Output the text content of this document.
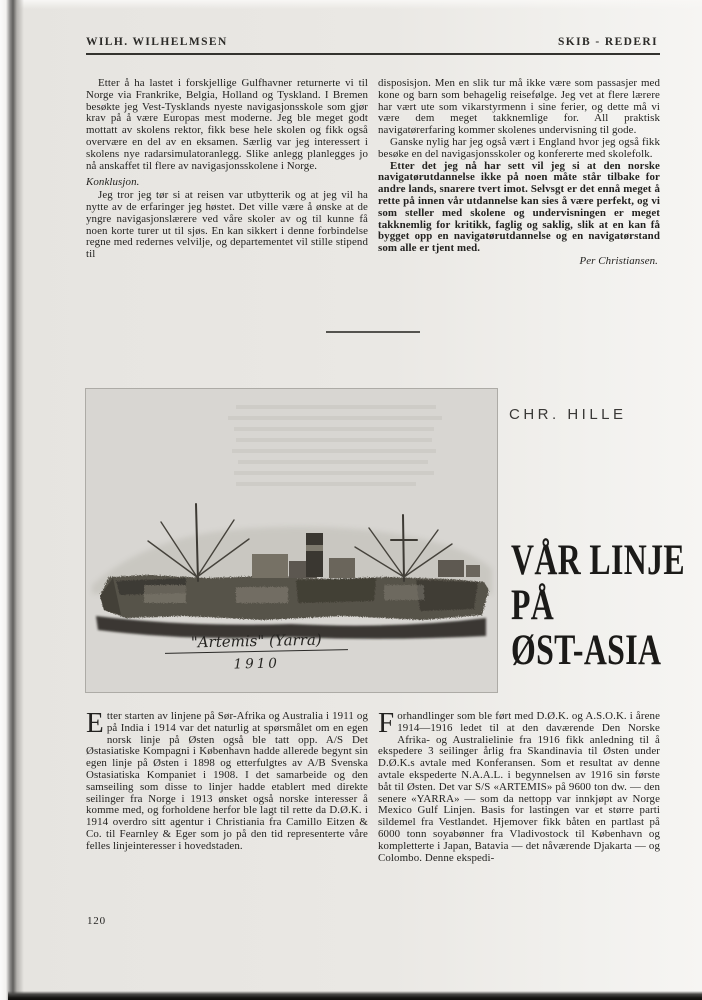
WILH. WILHELMSEN	SKIB - REDERI

Etter å ha lastet i forskjellige Gulfhavner returnerte vi til Norge via Frankrike, Belgia, Holland og Tyskland. I Bremen besøkte jeg Vest-Tysklands nyeste navigasjonsskole som gjør krav på å være Europas mest moderne. Jeg ble meget godt mottatt av skolens rektor, fikk bese hele skolen og fikk også overvære en del av en eksamen. Særlig var jeg interessert i skolens nye radarsimulatoranlegg. Slike anlegg planlegges jo nå anskaffet til flere av navigasjonsskolene i Norge.

Konklusjon.

Jeg tror jeg tør si at reisen var utbytterik og at jeg vil ha nytte av de erfaringer jeg høstet. Det ville være å ønske at de yngre navigasjonslærere ved våre skoler av og til kunne få noen korte turer ut til sjøs. En kan sikkert i denne forbindelse regne med redernes velvilje, og departementet vil stille stipend til

disposisjon. Men en slik tur må ikke være som passasjer med kone og barn som behagelig reisefølge. Jeg vet at flere lærere har vært ute som vikarstyrmenn i sine ferier, og dette må vi være dem meget takknemlige for. All praktisk navigatørerfaring kommer skolenes undervisning til gode.

Ganske nylig har jeg også vært i England hvor jeg også fikk besøke en del navigasjonsskoler og konfererte med skolefolk.

Etter det jeg nå har sett vil jeg si at den norske navigatørutdannelse ikke på noen måte står tilbake for andre lands, snarere tvert imot. Selvsgt er det ennå meget å rette på innen vår utdannelse kan sies å være perfekt, og vi som steller med skolene og undervisningen er meget takknemlig for kritikk, faglig og saklig, slik at en kan få bygget opp en navigatørutdannelse og en navigatørstand som alle er tjent med.

Per Christiansen.

"Artemis" (Yarra)
1910
CHR. HILLE
VÅR LINJE
PÅ
ØST-ASIA

Etter starten av linjene på Sør-Afrika og Australia i 1911 og på India i 1914 var det naturlig at spørsmålet om en egen norsk linje på Østen også ble tatt opp. A/S Det Østasiatiske Kompagni i København hadde allerede begynt sin egen linje på Østen i 1898 og etterfulgtes av A/B Svenska Ostasiatiska Kompaniet i 1908. I det samarbeide og den samseiling som disse to linjer hadde etablert med direkte seilinger fra Norge i 1913 ønsket også norske interesser å komme med, og forholdene herfor ble lagt til rette da D.Ø.K. i 1914 overdro sitt agentur i Christiania fra Camillo Eitzen & Co. til Fearnley & Eger som jo på den tid representerte våre felles linjeinteresser i hovedstaden.

Forhandlinger som ble ført med D.Ø.K. og A.S.O.K. i årene 1914—1916 ledet til at den daværende Den Norske Afrika- og Australielinie fra 1916 fikk anledning til å ekspedere 3 seilinger årlig fra Skandinavia til Østen under D.Ø.K.s avtale med Konferansen. Som et resultat av denne avtale ekspederte N.A.A.L. i begynnelsen av 1916 sin første båt til Østen. Det var S/S «ARTEMIS» på 9600 ton dw. — den senere «YARRA» — som da nettopp var innkjøpt av Norge Mexico Gulf Linjen. Basis for lastingen var et større parti sildemel fra Vestlandet. Hjemover fikk båten en partlast på 6000 tonn soyabønner fra Vladivostock til København og kompletterte i Japan, Batavia — det nåværende Djakarta — og Colombo. Denne ekspedi-

120
